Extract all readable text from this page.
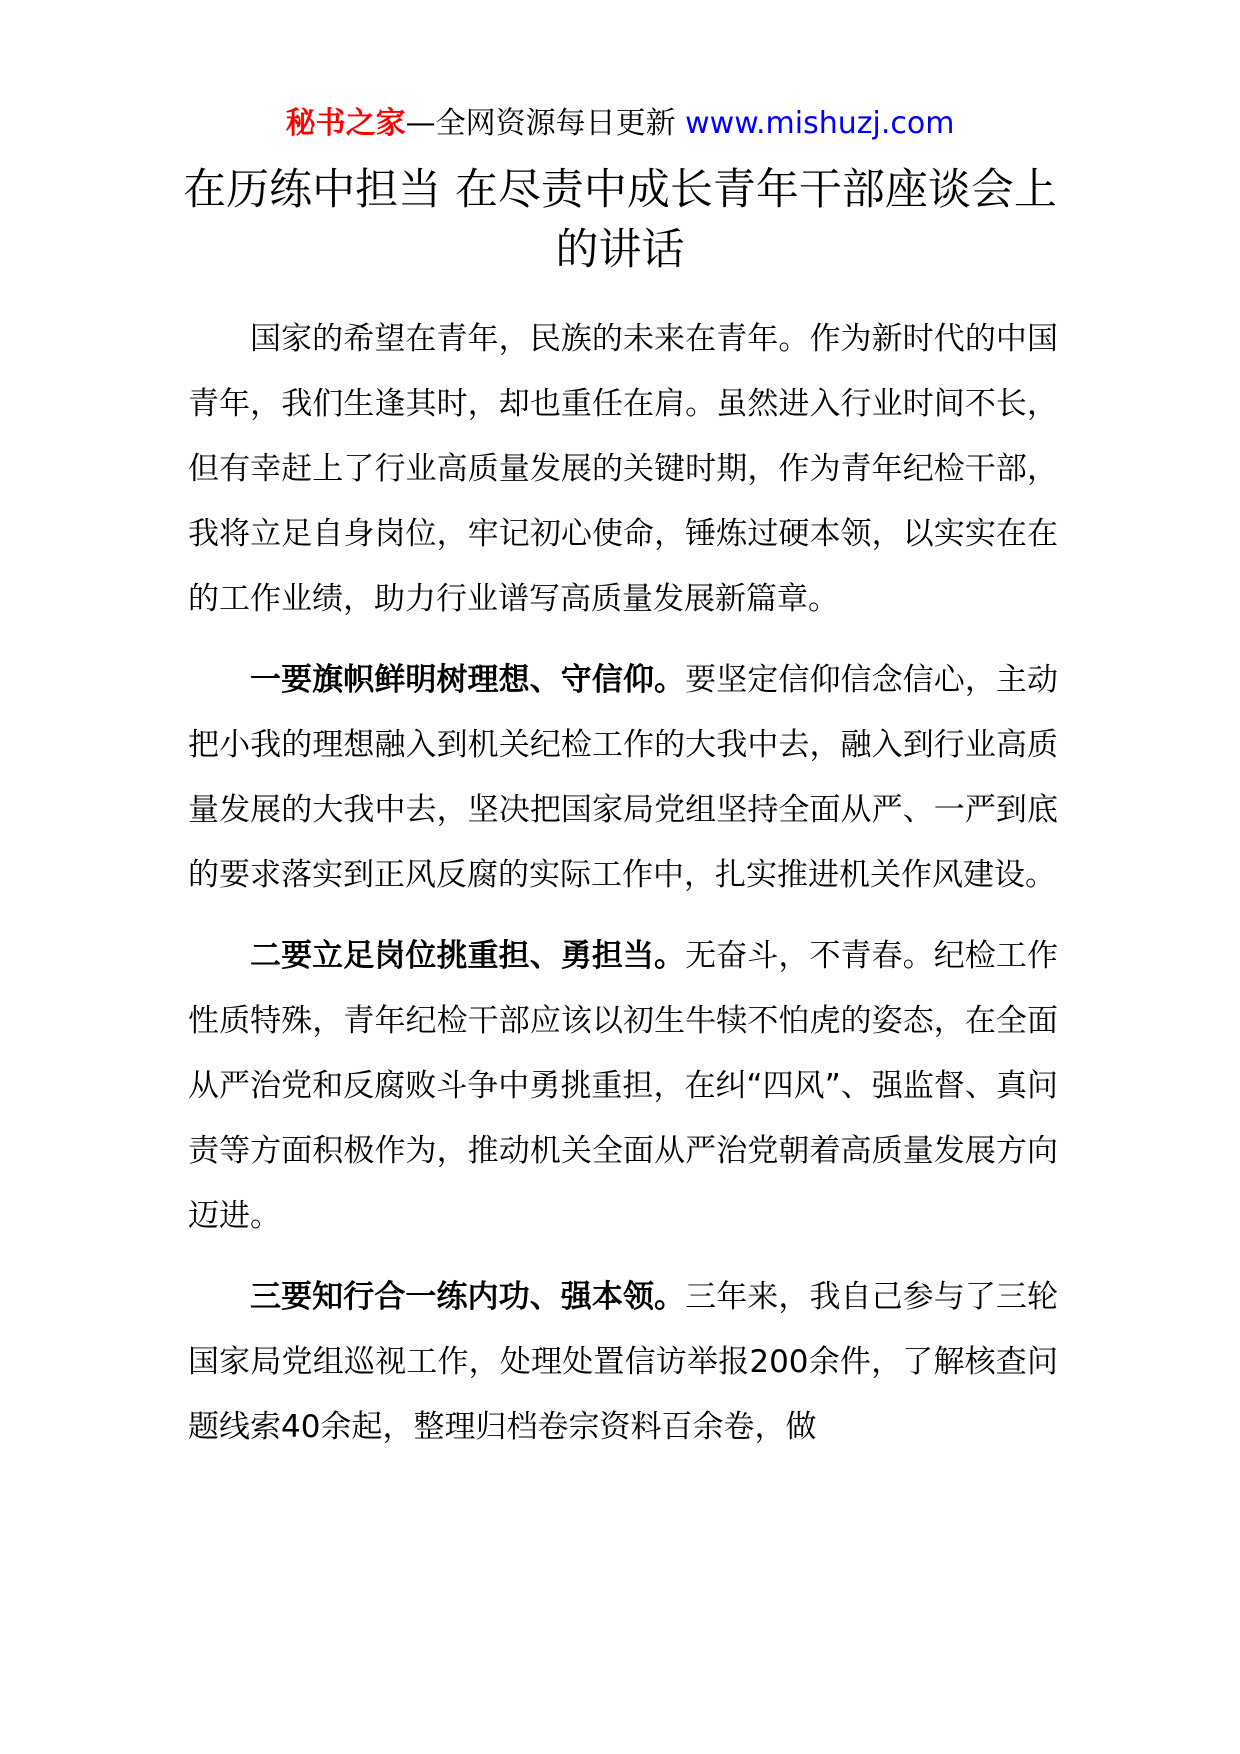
秘书之家—全网资源每日更新 www.mishuzj.com
在历练中担当 在尽责中成长青年干部座谈会上的讲话

国家的希望在青年，民族的未来在青年。作为新时代的中国青年，我们生逢其时，却也重任在肩。虽然进入行业时间不长，但有幸赶上了行业高质量发展的关键时期，作为青年纪检干部，我将立足自身岗位，牢记初心使命，锤炼过硬本领，以实实在在的工作业绩，助力行业谱写高质量发展新篇章。

一要旗帜鲜明树理想、守信仰。要坚定信仰信念信心，主动把小我的理想融入到机关纪检工作的大我中去，融入到行业高质量发展的大我中去，坚决把国家局党组坚持全面从严、一严到底的要求落实到正风反腐的实际工作中，扎实推进机关作风建设。

二要立足岗位挑重担、勇担当。无奋斗，不青春。纪检工作性质特殊，青年纪检干部应该以初生牛犊不怕虎的姿态，在全面从严治党和反腐败斗争中勇挑重担，在纠“四风”、强监督、真问责等方面积极作为，推动机关全面从严治党朝着高质量发展方向迈进。

三要知行合一练内功、强本领。三年来，我自己参与了三轮国家局党组巡视工作，处理处置信访举报200余件，了解核查问题线索40余起，整理归档卷宗资料百余卷，做
